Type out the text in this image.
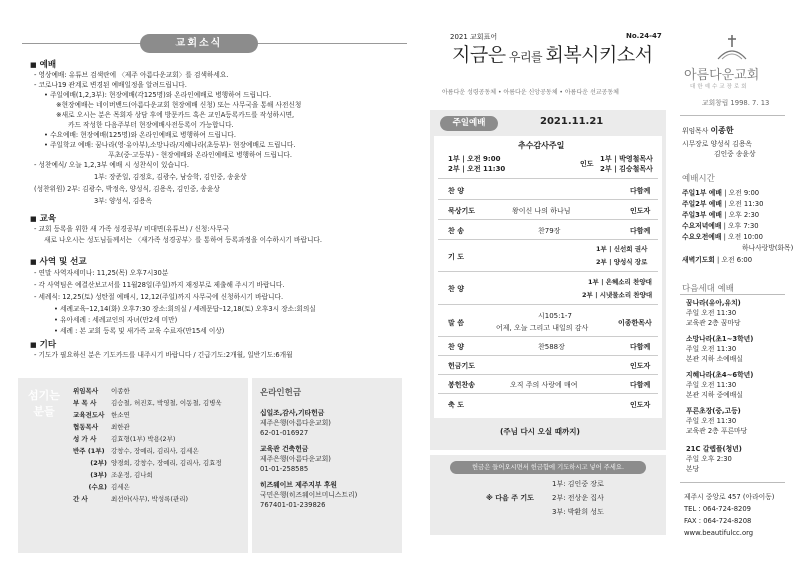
교회소식
■ 예배
- 영상예배: 유튜브 검색란에 〈제주 아름다운교회〉를 검색하세요.
- 코로나19 관계로 변경된 예배일정을 알려드립니다.
• 주일예배(1,2,3부): 현장예배(각125명)와 온라인예배로 병행하여 드립니다.
※현장예배는 네이버밴드(아름다운교회 현장예배 신청) 또는 사무국을 통해 사전신청
※새로 오시는 분은 목회자 상담 후에 방문카드 혹은 교인A등록카드를 작성하시면,
카드 작성한 다음주부터 현장예배사전등록이 가능합니다.
• 수요예배: 현장예배(125명)와 온라인예배로 병행하여 드립니다.
• 주일학교 예배: 꿈나라(영·유아부),소망나라/지혜나라(초등부)- 현장예배로 드립니다.
푸초(중·고등부) - 현장예배와 온라인예배로 병행하여 드립니다.
- 성찬예식/ 오늘 1,2,3부 예배 시 성찬식이 있습니다.
1부: 장준일, 김정호, 김광수, 남승학, 김인중, 송윤상
(성찬위원) 2부: 김광수, 박정옥, 양성식, 김용옥, 김인중, 송윤상
3부: 양성식, 김용옥
■ 교육
- 교회 등록을 위한 새 가족 성경공부/ 비대면(유튜브) / 신청:사무국
새로 나오시는 성도님들께서는 〈새가족 성경공부〉를 통하여 등록과정을 이수하시기 바랍니다.
■ 사역 및 선교
- 연말 사역자세미나: 11,25(목) 오후7시30분
- 각 사역팀은 예결산보고서를 11월28일(주일)까지 재정부로 제출해 주시기 바랍니다.
- 세례식: 12,25(토) 성탄절 예배시, 12,12(주일)까지 사무국에 신청하시기 바랍니다.
• 세례교육–12,14(화) 오후7:30 장소:회의실 / 세례문답–12,18(토) 오후3시 장소:회의실
• 유아세례 : 세례교인의 자녀(만2세 미만)
• 세례 : 본 교회 등록 및 새가족 교육 수료자(만15세 이상)
■ 기타
- 기도가 필요하신 분은 기도카드를 내주시기 바랍니다 / 긴급기도:2개월, 일반기도:6개월
섬기는 분들
위임목사 이종한
부 목 사 김승철, 허진호, 박영철, 이동철, 김병욱
교육전도사 한소연
협동목사 최한관
성 가 사 김효형(1부) 박용(2부)
반주 (1부) 강창수, 장예리, 김리사, 김세은
(2부) 양경희, 강창수, 장예리, 김리사, 김효정
(3부) 조운정, 김나희
(수요) 김세은
간 사	최선아(사무), 박성록(관리)
온라인헌금
십일조,감사,기타헌금
제주은행(아름다운교회)
62-01-016927
교육관 건축헌금
제주은행(아름다운교회)
01-01-258585
히즈웨이브 제주지부 후원
국민은행(히즈웨이브미니스트리)
767401-01-239826
2021 교회표어	No.24-47
지금은 우리를 회복시키소서
아름다운 성령공동체 • 아름다운 신앙공동체 • 아름다운 선교공동체
주일예배	2021.11.21
추수감사주일
1부 | 오전 9:00
2부 | 오전 11:30
인도
1부 | 박영철목사
2부 | 김승철목사
찬 양	다함께
묵상기도	왕이신 나의 하나님	인도자
찬 송	찬79장	다함께
기 도
1부 | 신선희 권사
2부 | 양성식 장로
찬 양
1부 | 은혜소리 찬양대
2부 | 시냇물소리 찬양대
말 씀
시105:1-7
어제, 오늘 그리고 내일의 감사
이종한목사
찬 양	찬588장	다함께
헌금기도	인도자
봉헌찬송	오직 주의 사랑에 매여	다함께
축 도	인도자
(주님 다시 오실 때까지)
헌금은 들어오시면서 헌금함에 기도하시고 넣어 주세요.
※ 다음 주 기도
1부: 김인중 장로
2부: 전상운 집사
3부: 박환희 성도
아름다운교회
대한예수교장로회
교회창립 1998. 7. 13
위임목사 이종한
시무장로 양성식 김용옥
김인중 송윤상
예배시간
주일1부 예배 | 오전 9:00
주일2부 예배 | 오전 11:30
주일3부 예배 | 오후 2:30
수요저녁예배 | 오후 7:30
수요오전예배 | 오전 10:00
하나사랑방(화목)
새벽기도회 | 오전 6:00
다음세대 예배
꿈나라(유아,유치)
주일 오전 11:30
교육관 2층 꿈마당
소망나라(초1~3학년)
주일 오전 11:30
본관 지하 소예배실
지혜나라(초4~6학년)
주일 오전 11:30
본관 지하 중예배실
푸른초장(중,고등)
주일 오전 11:30
교육관 2층 푸른마당
21C 갈렙플(청년)
주일 오후 2:30
본당
제주시 중앙로 457 (아라이동)
TEL : 064-724-8209
FAX : 064-724-8208
www.beautifulcc.org
